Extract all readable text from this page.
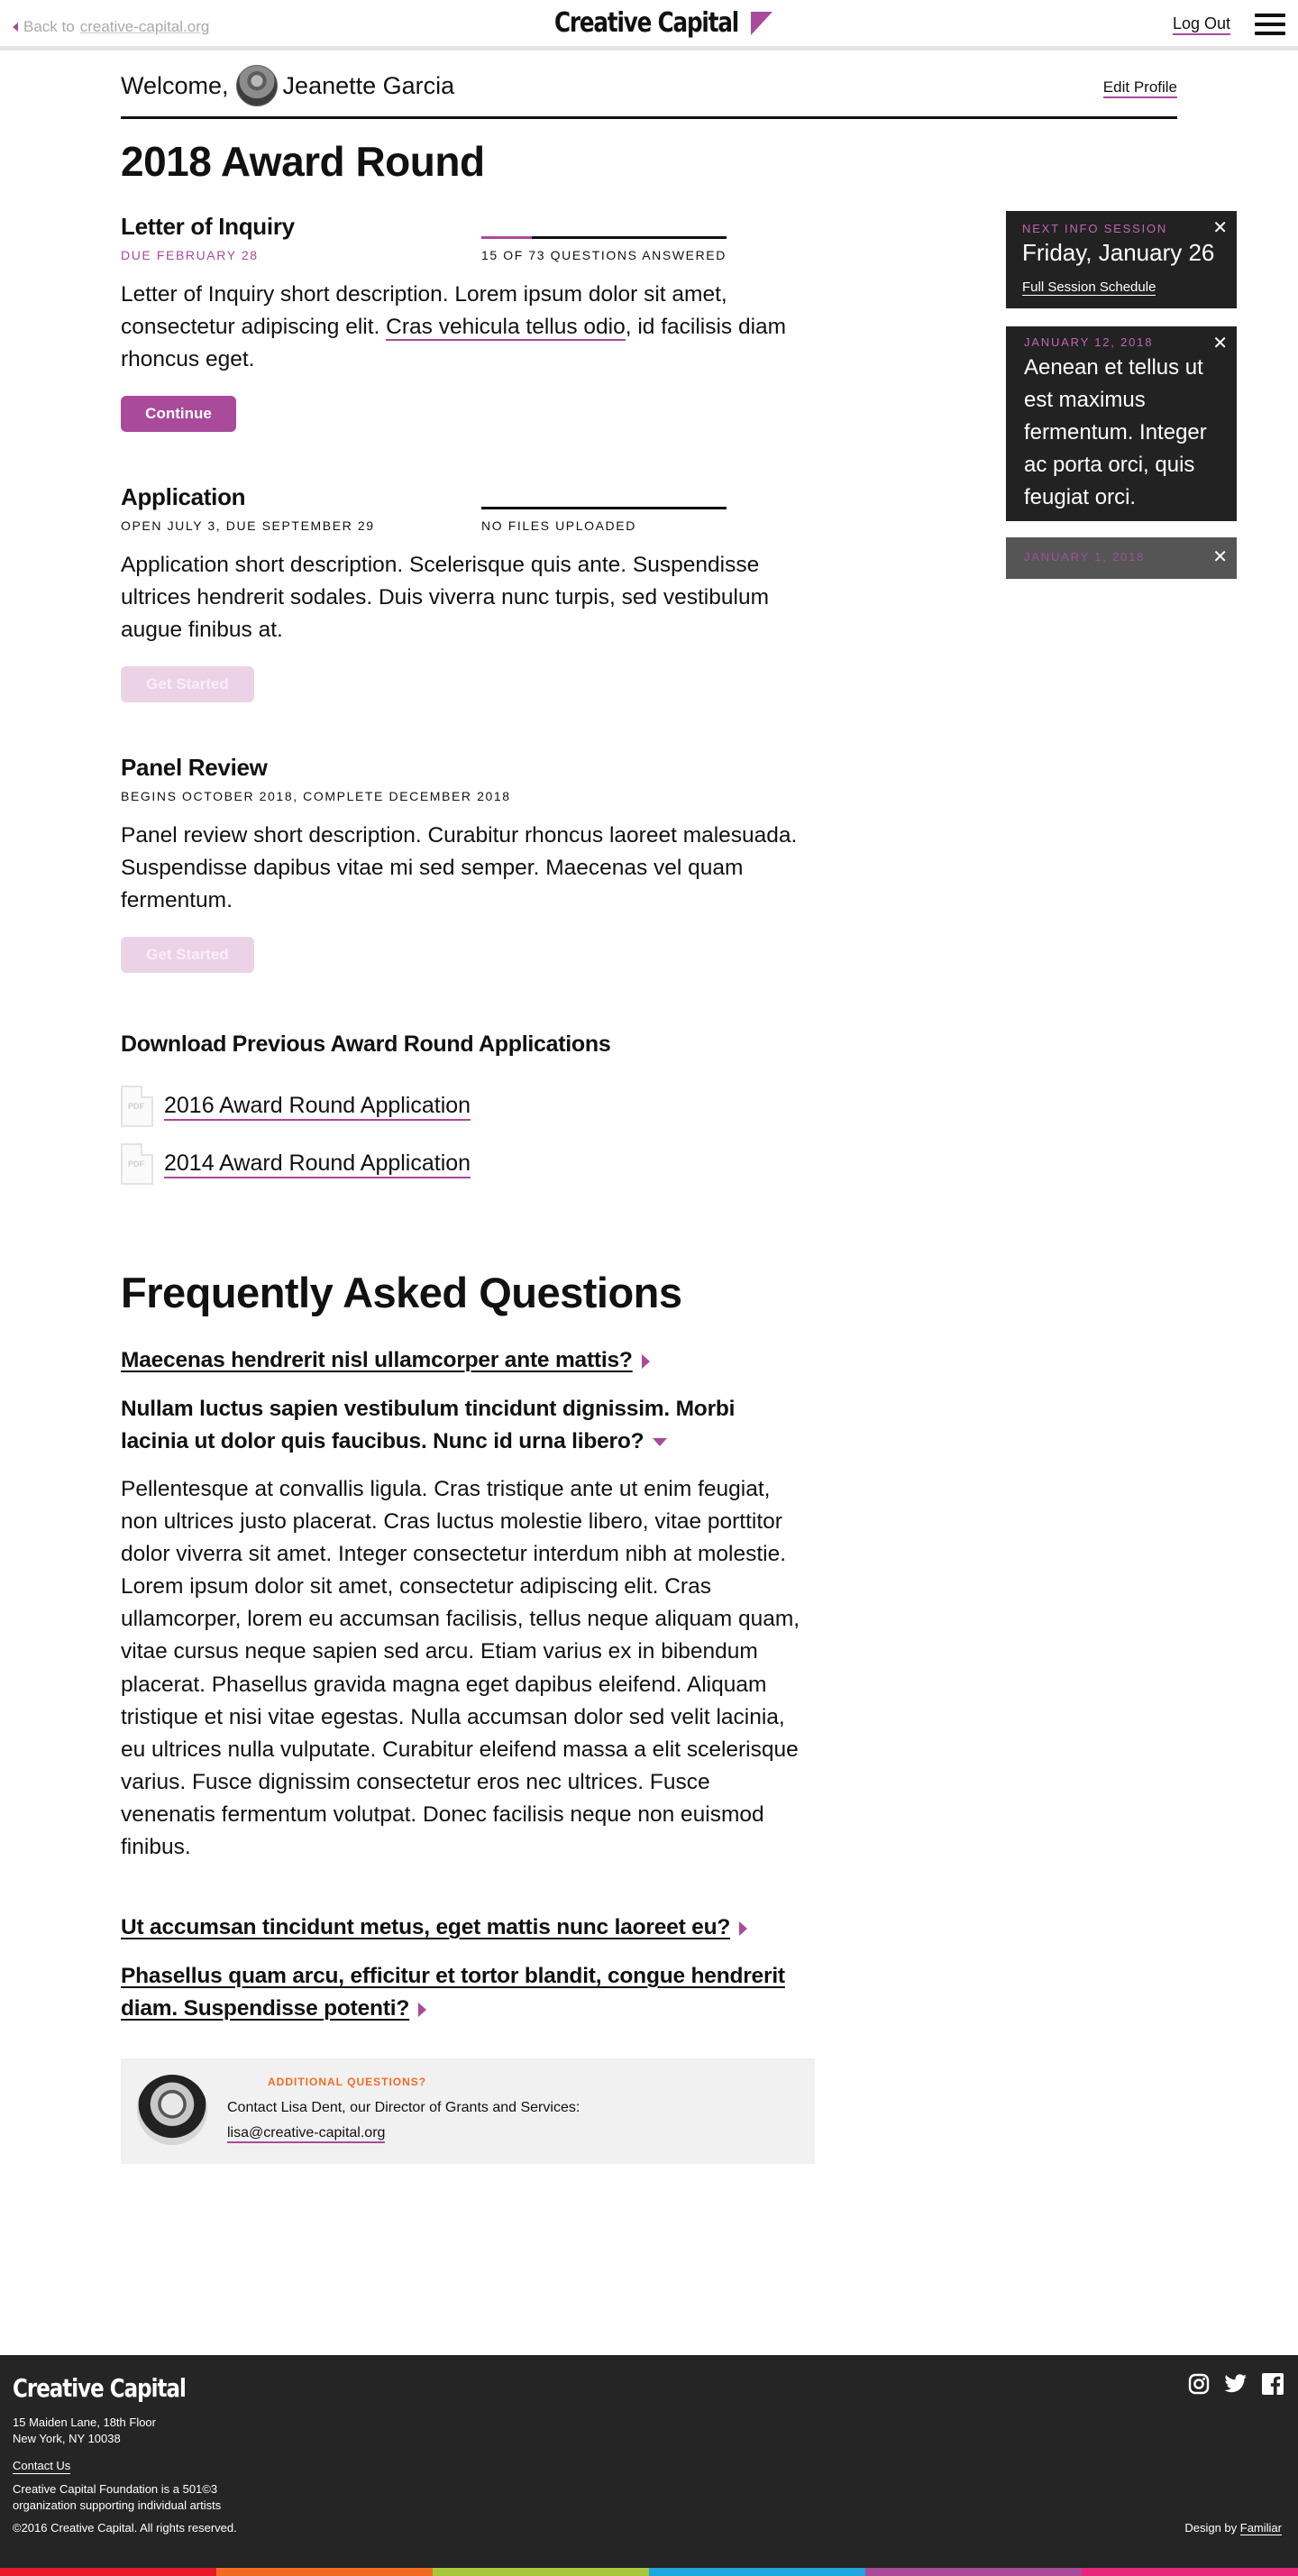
Back to creative-capital.org	Creative Capital	Log Out
Welcome, Jeanette Garcia	Edit Profile
2018 Award Round
Letter of Inquiry
DUE FEBRUARY 28	15 OF 73 QUESTIONS ANSWERED

Letter of Inquiry short description. Lorem ipsum dolor sit amet, consectetur adipiscing elit. Cras vehicula tellus odio, id facilisis diam rhoncus eget.

Continue
Application
OPEN JULY 3, DUE SEPTEMBER 29	NO FILES UPLOADED

Application short description. Scelerisque quis ante. Suspendisse ultrices hendrerit sodales. Duis viverra nunc turpis, sed vestibulum augue finibus at.

Get Started
Panel Review
BEGINS OCTOBER 2018, COMPLETE DECEMBER 2018

Panel review short description. Curabitur rhoncus laoreet malesuada. Suspendisse dapibus vitae mi sed semper. Maecenas vel quam fermentum.

Get Started
Download Previous Award Round Applications
PDF 2016 Award Round Application
PDF 2014 Award Round Application
Frequently Asked Questions
Maecenas hendrerit nisl ullamcorper ante mattis?
Nullam luctus sapien vestibulum tincidunt dignissim. Morbi lacinia ut dolor quis faucibus. Nunc id urna libero?

Pellentesque at convallis ligula. Cras tristique ante ut enim feugiat, non ultrices justo placerat. Cras luctus molestie libero, vitae porttitor dolor viverra sit amet. Integer consectetur interdum nibh at molestie. Lorem ipsum dolor sit amet, consectetur adipiscing elit. Cras ullamcorper, lorem eu accumsan facilisis, tellus neque aliquam quam, vitae cursus neque sapien sed arcu. Etiam varius ex in bibendum placerat. Phasellus gravida magna eget dapibus eleifend. Aliquam tristique et nisi vitae egestas. Nulla accumsan dolor sed velit lacinia, eu ultrices nulla vulputate. Curabitur eleifend massa a elit scelerisque varius. Fusce dignissim consectetur eros nec ultrices. Fusce venenatis fermentum volutpat. Donec facilisis neque non euismod finibus.

Ut accumsan tincidunt metus, eget mattis nunc laoreet eu?
Phasellus quam arcu, efficitur et tortor blandit, congue hendrerit diam. Suspendisse potenti?
ADDITIONAL QUESTIONS?
Contact Lisa Dent, our Director of Grants and Services:
lisa@creative-capital.org
✕
NEXT INFO SESSION
Friday, January 26
Full Session Schedule
✕
JANUARY 12, 2018
Aenean et tellus ut est maximus fermentum. Integer ac porta orci, quis feugiat orci.
✕
JANUARY 1, 2018
Creative Capital
15 Maiden Lane, 18th Floor
New York, NY 10038
Contact Us
Creative Capital Foundation is a 501©3 organization supporting individual artists
©2016 Creative Capital. All rights reserved.	Design by Familiar
